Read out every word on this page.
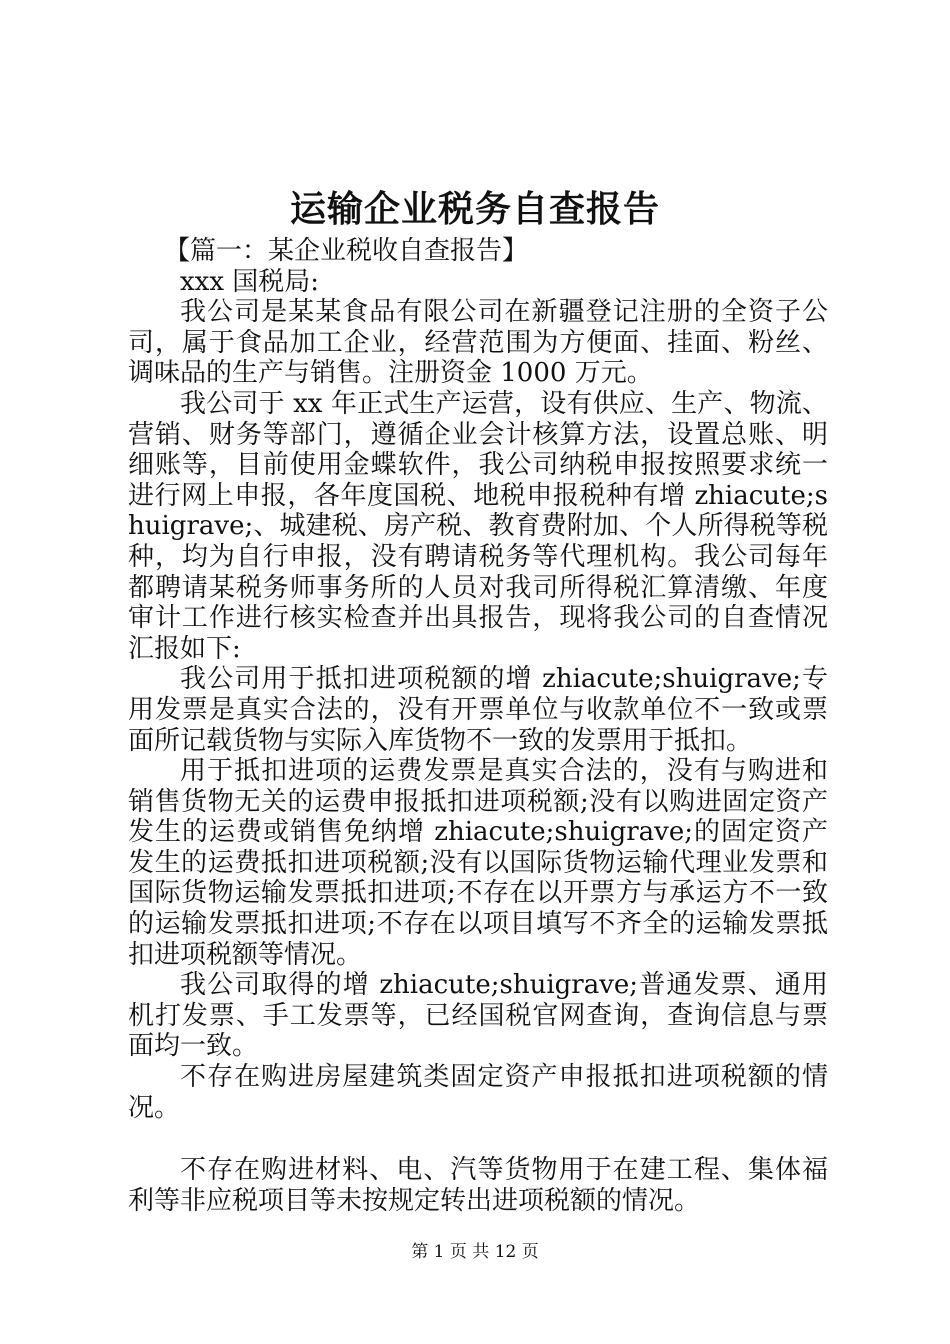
运输企业税务自查报告

【篇一：某企业税收自查报告】

xxx 国税局:

我公司是某某食品有限公司在新疆登记注册的全资子公司，属于食品加工企业，经营范围为方便面、挂面、粉丝、调味品的生产与销售。注册资金 1000 万元。

我公司于 xx 年正式生产运营，设有供应、生产、物流、营销、财务等部门，遵循企业会计核算方法，设置总账、明细账等，目前使用金蝶软件，我公司纳税申报按照要求统一进行网上申报，各年度国税、地税申报税种有增 zhiacute;shuigrave;、城建税、房产税、教育费附加、个人所得税等税种，均为自行申报，没有聘请税务等代理机构。我公司每年都聘请某税务师事务所的人员对我司所得税汇算清缴、年度审计工作进行核实检查并出具报告，现将我公司的自查情况汇报如下:

我公司用于抵扣进项税额的增 zhiacute;shuigrave;专用发票是真实合法的，没有开票单位与收款单位不一致或票面所记载货物与实际入库货物不一致的发票用于抵扣。

用于抵扣进项的运费发票是真实合法的，没有与购进和销售货物无关的运费申报抵扣进项税额;没有以购进固定资产发生的运费或销售免纳增 zhiacute;shuigrave;的固定资产发生的运费抵扣进项税额;没有以国际货物运输代理业发票和国际货物运输发票抵扣进项;不存在以开票方与承运方不一致的运输发票抵扣进项;不存在以项目填写不齐全的运输发票抵扣进项税额等情况。

我公司取得的增 zhiacute;shuigrave;普通发票、通用机打发票、手工发票等，已经国税官网查询，查询信息与票面均一致。

不存在购进房屋建筑类固定资产申报抵扣进项税额的情况。

不存在购进材料、电、汽等货物用于在建工程、集体福利等非应税项目等未按规定转出进项税额的情况。

第 1 页 共 12 页
